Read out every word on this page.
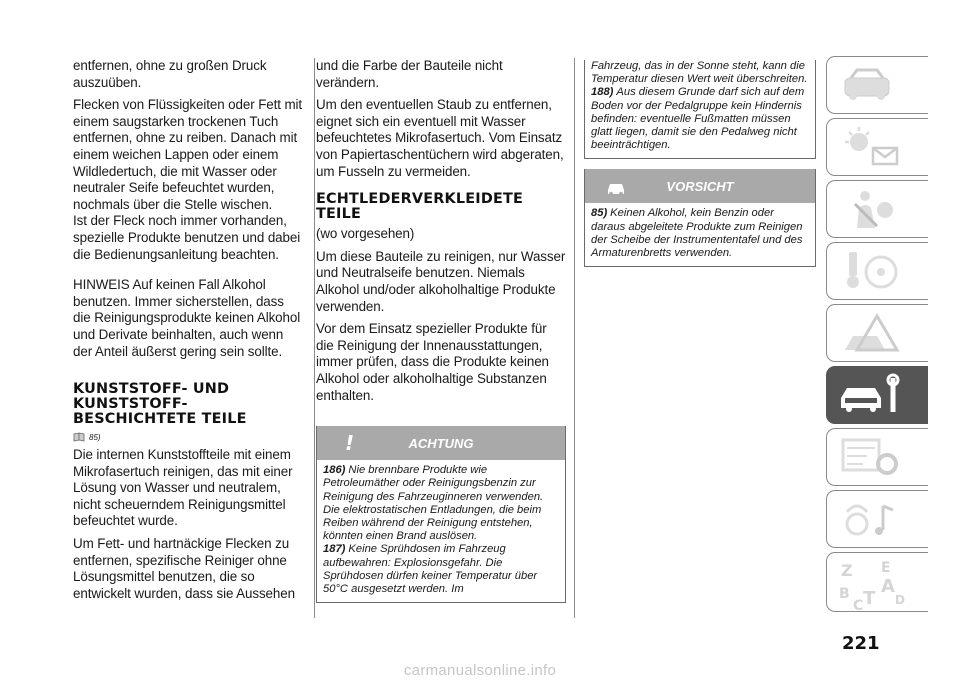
entfernen, ohne zu großen Druck auszuüben.

Flecken von Flüssigkeiten oder Fett mit einem saugstarken trockenen Tuch entfernen, ohne zu reiben. Danach mit einem weichen Lappen oder einem Wildledertuch, die mit Wasser oder neutraler Seife befeuchtet wurden, nochmals über die Stelle wischen.

Ist der Fleck noch immer vorhanden, spezielle Produkte benutzen und dabei die Bedienungsanleitung beachten.

HINWEIS Auf keinen Fall Alkohol benutzen. Immer sicherstellen, dass die Reinigungsprodukte keinen Alkohol und Derivate beinhalten, auch wenn der Anteil äußerst gering sein sollte.

KUNSTSTOFF- UND KUNSTSTOFF-BESCHICHTETE TEILE
85)

Die internen Kunststoffteile mit einem Mikrofasertuch reinigen, das mit einer Lösung von Wasser und neutralem, nicht scheuerndem Reinigungsmittel befeuchtet wurde.

Um Fett- und hartnäckige Flecken zu entfernen, spezifische Reiniger ohne Lösungsmittel benutzen, die so entwickelt wurden, dass sie Aussehen

und die Farbe der Bauteile nicht verändern.

Um den eventuellen Staub zu entfernen, eignet sich ein eventuell mit Wasser befeuchtetes Mikrofasertuch. Vom Einsatz von Papiertaschentüchern wird abgeraten, um Fusseln zu vermeiden.

ECHTLEDERVERKLEIDETE TEILE

(wo vorgesehen)

Um diese Bauteile zu reinigen, nur Wasser und Neutralseife benutzen. Niemals Alkohol und/oder alkoholhaltige Produkte verwenden.

Vor dem Einsatz spezieller Produkte für die Reinigung der Innenausstattungen, immer prüfen, dass die Produkte keinen Alkohol oder alkoholhaltige Substanzen enthalten.

!	ACHTUNG

186) Nie brennbare Produkte wie Petroleumäther oder Reinigungsbenzin zur Reinigung des Fahrzeuginneren verwenden. Die elektrostatischen Entladungen, die beim Reiben während der Reinigung entstehen, könnten einen Brand auslösen.

187) Keine Sprühdosen im Fahrzeug aufbewahren: Explosionsgefahr. Die Sprühdosen dürfen keiner Temperatur über 50°C ausgesetzt werden. Im

Fahrzeug, das in der Sonne steht, kann die Temperatur diesen Wert weit überschreiten.

188) Aus diesem Grunde darf sich auf dem Boden vor der Pedalgruppe kein Hindernis befinden: eventuelle Fußmatten müssen glatt liegen, damit sie den Pedalweg nicht beeinträchtigen.

VORSICHT

85) Keinen Alkohol, kein Benzin oder daraus abgeleitete Produkte zum Reinigen der Scheibe der Instrumententafel und des Armaturenbretts verwenden.

Z E
A
B
C T D
221
carmanualsonline.info
